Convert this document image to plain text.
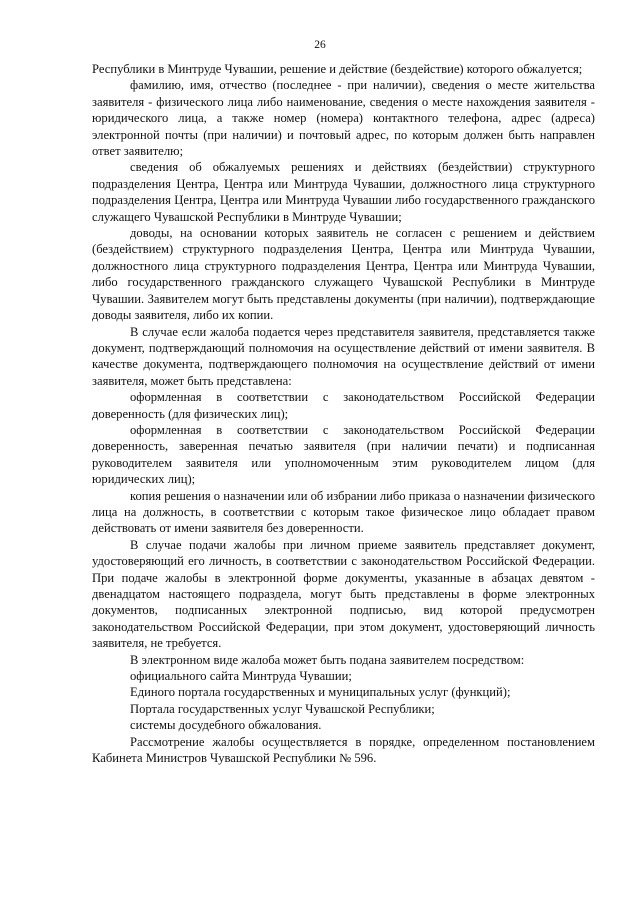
26

Республики в Минтруде Чувашии, решение и действие (бездействие) которого обжалуется;

фамилию, имя, отчество (последнее - при наличии), сведения о месте жительства заявителя - физического лица либо наименование, сведения о месте нахождения заявителя - юридического лица, а также номер (номера) контактного телефона, адрес (адреса) электронной почты (при наличии) и почтовый адрес, по которым должен быть направлен ответ заявителю;

сведения об обжалуемых решениях и действиях (бездействии) структурного подразделения Центра, Центра или Минтруда Чувашии, должностного лица структурного подразделения Центра, Центра или Минтруда Чувашии либо государственного гражданского служащего Чувашской Республики в Минтруде Чувашии;

доводы, на основании которых заявитель не согласен с решением и действием (бездействием) структурного подразделения Центра, Центра или Минтруда Чувашии, должностного лица структурного подразделения Центра, Центра или Минтруда Чувашии, либо государственного гражданского служащего Чувашской Республики в Минтруде Чувашии. Заявителем могут быть представлены документы (при наличии), подтверждающие доводы заявителя, либо их копии.

В случае если жалоба подается через представителя заявителя, представляется также документ, подтверждающий полномочия на осуществление действий от имени заявителя. В качестве документа, подтверждающего полномочия на осуществление действий от имени заявителя, может быть представлена:

оформленная в соответствии с законодательством Российской Федерации доверенность (для физических лиц);

оформленная в соответствии с законодательством Российской Федерации доверенность, заверенная печатью заявителя (при наличии печати) и подписанная руководителем заявителя или уполномоченным этим руководителем лицом (для юридических лиц);

копия решения о назначении или об избрании либо приказа о назначении физического лица на должность, в соответствии с которым такое физическое лицо обладает правом действовать от имени заявителя без доверенности.

В случае подачи жалобы при личном приеме заявитель представляет документ, удостоверяющий его личность, в соответствии с законодательством Российской Федерации. При подаче жалобы в электронной форме документы, указанные в абзацах девятом - двенадцатом настоящего подраздела, могут быть представлены в форме электронных документов, подписанных электронной подписью, вид которой предусмотрен законодательством Российской Федерации, при этом документ, удостоверяющий личность заявителя, не требуется.

В электронном виде жалоба может быть подана заявителем посредством:

официального сайта Минтруда Чувашии;

Единого портала государственных и муниципальных услуг (функций);

Портала государственных услуг Чувашской Республики;

системы досудебного обжалования.

Рассмотрение жалобы осуществляется в порядке, определенном постановлением Кабинета Министров Чувашской Республики № 596.
